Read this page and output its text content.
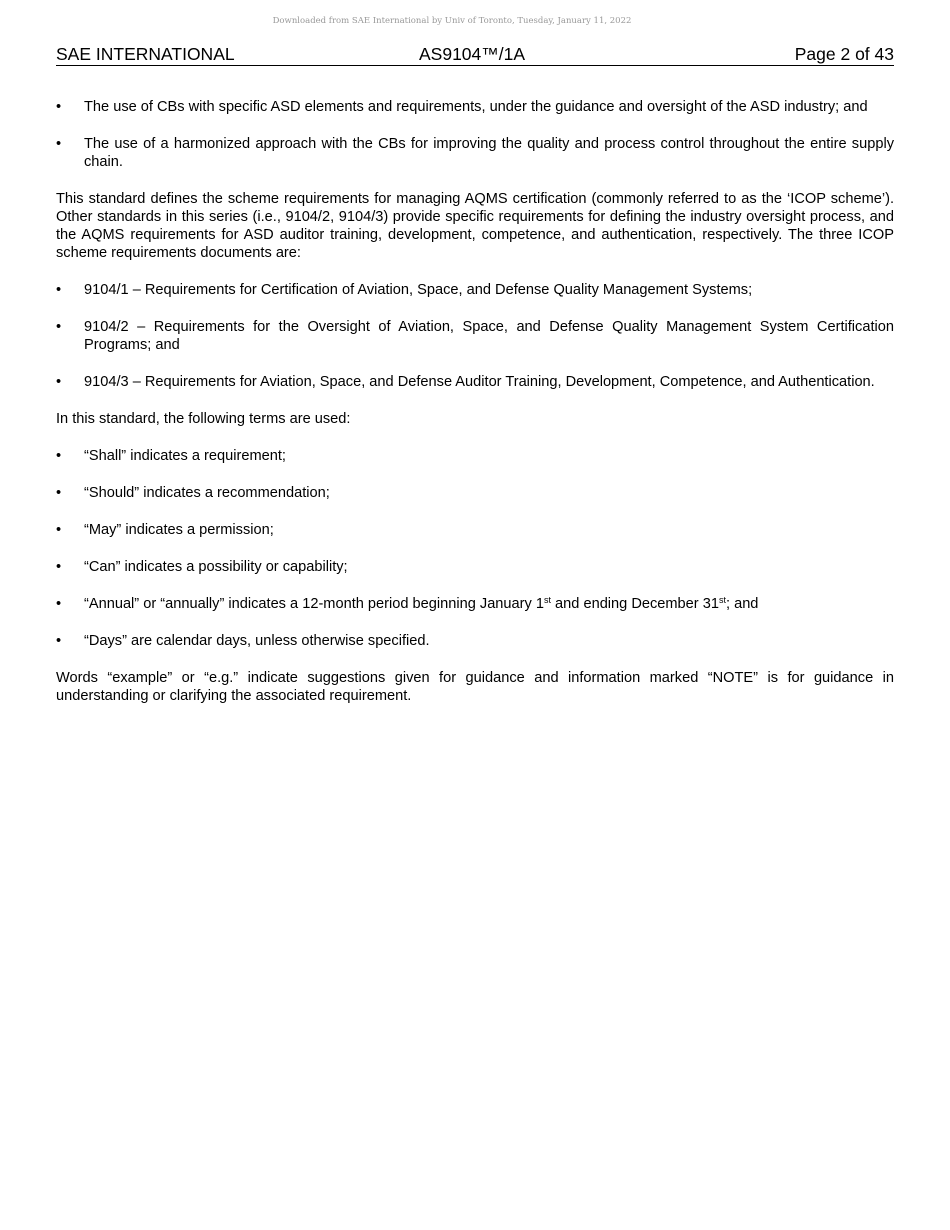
Downloaded from SAE International by Univ of Toronto, Tuesday, January 11, 2022
SAE INTERNATIONAL	AS9104™/1A	Page 2 of 43
• The use of CBs with specific ASD elements and requirements, under the guidance and oversight of the ASD industry; and
• The use of a harmonized approach with the CBs for improving the quality and process control throughout the entire supply chain.

This standard defines the scheme requirements for managing AQMS certification (commonly referred to as the ‘ICOP scheme’). Other standards in this series (i.e., 9104/2, 9104/3) provide specific requirements for defining the industry oversight process, and the AQMS requirements for ASD auditor training, development, competence, and authentication, respectively. The three ICOP scheme requirements documents are:

• 9104/1 – Requirements for Certification of Aviation, Space, and Defense Quality Management Systems;
• 9104/2 – Requirements for the Oversight of Aviation, Space, and Defense Quality Management System Certification Programs; and
• 9104/3 – Requirements for Aviation, Space, and Defense Auditor Training, Development, Competence, and Authentication.

In this standard, the following terms are used:

• “Shall” indicates a requirement;
• “Should” indicates a recommendation;
• “May” indicates a permission;
• “Can” indicates a possibility or capability;
• “Annual” or “annually” indicates a 12-month period beginning January 1st and ending December 31st; and
• “Days” are calendar days, unless otherwise specified.

Words “example” or “e.g.” indicate suggestions given for guidance and information marked “NOTE” is for guidance in understanding or clarifying the associated requirement.
